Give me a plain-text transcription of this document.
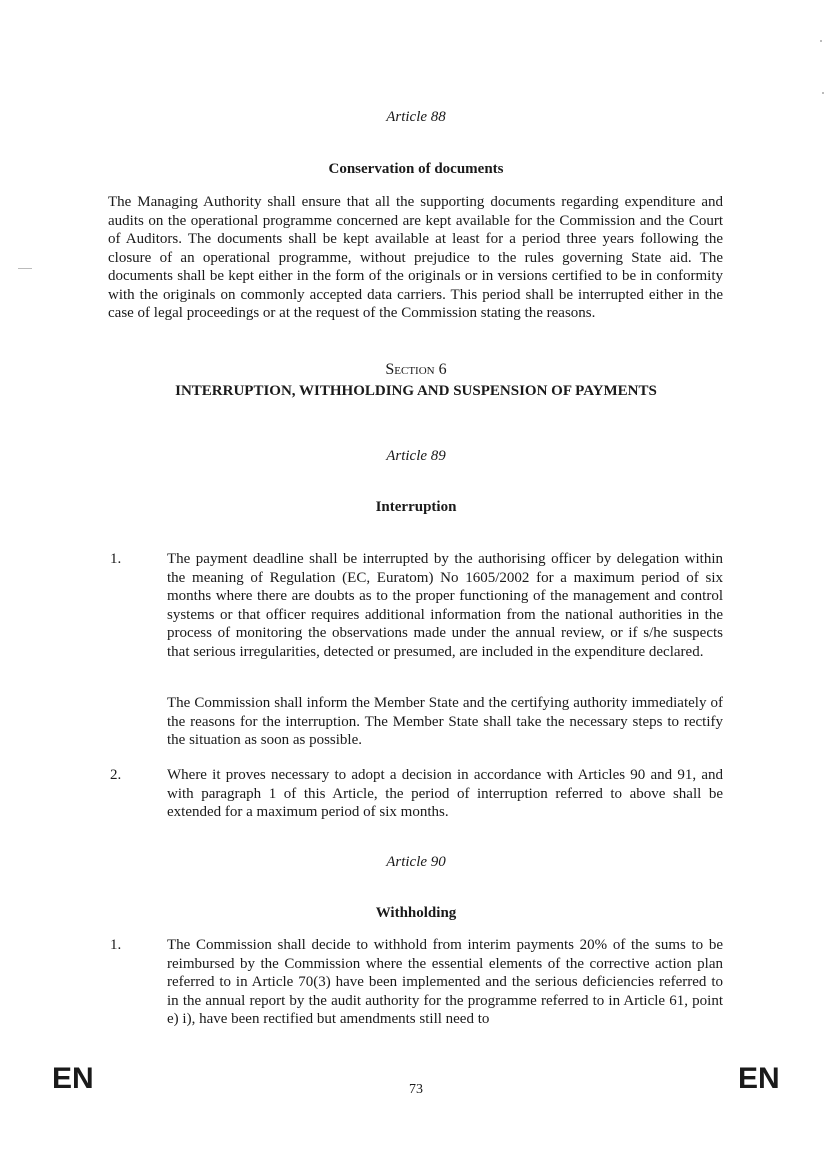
Article 88
Conservation of documents
The Managing Authority shall ensure that all the supporting documents regarding expenditure and audits on the operational programme concerned are kept available for the Commission and the Court of Auditors. The documents shall be kept available at least for a period three years following the closure of an operational programme, without prejudice to the rules governing State aid. The documents shall be kept either in the form of the originals or in versions certified to be in conformity with the originals on commonly accepted data carriers. This period shall be interrupted either in the case of legal proceedings or at the request of the Commission stating the reasons.
Section 6
INTERRUPTION, WITHHOLDING AND SUSPENSION OF PAYMENTS
Article 89
Interruption
1.	The payment deadline shall be interrupted by the authorising officer by delegation within the meaning of Regulation (EC, Euratom) No 1605/2002 for a maximum period of six months where there are doubts as to the proper functioning of the management and control systems or that officer requires additional information from the national authorities in the process of monitoring the observations made under the annual review, or if s/he suspects that serious irregularities, detected or presumed, are included in the expenditure declared.
The Commission shall inform the Member State and the certifying authority immediately of the reasons for the interruption. The Member State shall take the necessary steps to rectify the situation as soon as possible.
2.	Where it proves necessary to adopt a decision in accordance with Articles 90 and 91, and with paragraph 1 of this Article, the period of interruption referred to above shall be extended for a maximum period of six months.
Article 90
Withholding
1.	The Commission shall decide to withhold from interim payments 20% of the sums to be reimbursed by the Commission where the essential elements of the corrective action plan referred to in Article 70(3) have been implemented and the serious deficiencies referred to in the annual report by the audit authority for the programme referred to in Article 61, point e) i), have been rectified but amendments still need to
EN	73	EN
